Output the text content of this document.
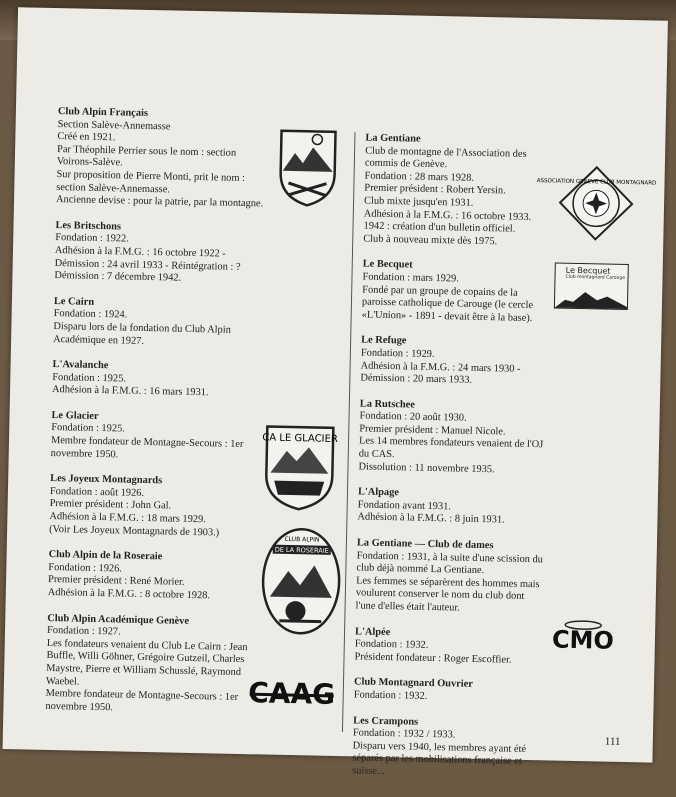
Club Alpin Français
Section Salève-Annemasse
Créé en 1921.
Par Théophile Perrier sous le nom : section Voirons-Salève.
Sur proposition de Pierre Monti, prit le nom : section Salève-Annemasse.
Ancienne devise : pour la patrie, par la montagne.
Les Britschons
Fondation : 1922.
Adhésion à la F.M.G. : 16 octobre 1922 - Démission : 24 avril 1933 - Réintégration : ?
Démission : 7 décembre 1942.
Le Cairn
Fondation : 1924.
Disparu lors de la fondation du Club Alpin Académique en 1927.
L'Avalanche
Fondation : 1925.
Adhésion à la F.M.G. : 16 mars 1931.
Le Glacier
Fondation : 1925.
Membre fondateur de Montagne-Secours : 1er novembre 1950.
Les Joyeux Montagnards
Fondation : août 1926.
Premier président : John Gal.
Adhésion à la F.M.G. : 18 mars 1929.
(Voir Les Joyeux Montagnards de 1903.)
Club Alpin de la Roseraie
Fondation : 1926.
Premier président : René Morier.
Adhésion à la F.M.G. : 8 octobre 1928.
Club Alpin Académique Genève
Fondation : 1927.
Les fondateurs venaient du Club Le Cairn : Jean Buffle, Willi Göhner, Grégoire Gutzeil, Charles Maystre, Pierre et William Schusslé, Raymond Waebel.
Membre fondateur de Montagne-Secours : 1er novembre 1950.
La Gentiane
Club de montagne de l'Association des commis de Genève.
Fondation : 28 mars 1928.
Premier président : Robert Yersin.
Club mixte jusqu'en 1931.
Adhésion à la F.M.G. : 16 octobre 1933.
1942 : création d'un bulletin officiel.
Club à nouveau mixte dès 1975.
Le Becquet
Fondation : mars 1929.
Fondé par un groupe de copains de la paroisse catholique de Carouge (le cercle «L'Union» - 1891 - devait être à la base).
Le Refuge
Fondation : 1929.
Adhésion à la F.M.G. : 24 mars 1930 - Démission : 20 mars 1933.
La Rutschee
Fondation : 20 août 1930.
Premier président : Manuel Nicole.
Les 14 membres fondateurs venaient de l'OJ du CAS.
Dissolution : 11 novembre 1935.
L'Alpage
Fondation avant 1931.
Adhésion à la F.M.G. : 8 juin 1931.
La Gentiane — Club de dames
Fondation : 1931, à la suite d'une scission du club déjà nommé La Gentiane.
Les femmes se séparèrent des hommes mais voulurent conserver le nom du club dont l'une d'elles était l'auteur.
L'Alpée
Fondation : 1932.
Président fondateur : Roger Escoffier.
Club Montagnard Ouvrier
Fondation : 1932.
Les Crampons
Fondation : 1932 / 1933.
Disparu vers 1940, les membres ayant été séparés par les mobilisations française et suisse...
ASSOCIATION GENEVE CLUB MONTAGNARD
Le Becquet
Club montagnard Carouge
CA LE GLACIER
CLUB ALPIN
DE LA ROSERAIE
CAAG
CMO
111
